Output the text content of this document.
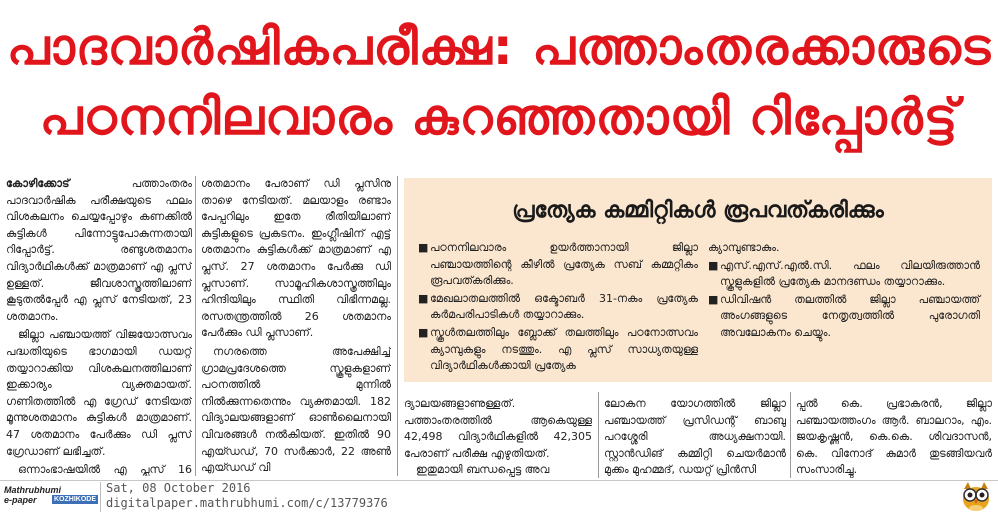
പാദവാർഷികപരീക്ഷ: പത്താംതരക്കാരുടെ
പഠനനിലവാരം കുറഞ്ഞതായി റിപ്പോർട്ട്

കോഴിക്കോട്	പത്താംതരം പാദവാർഷിക പരീക്ഷയുടെ ഫലം വിശകലനം ചെയ്യപ്പോഴും കണക്കിൽ കുട്ടികൾ പിന്നോട്ടുപോകുന്നതായി റിപ്പോർട്ട്. രണ്ടുശതമാനം വിദ്യാർഥികൾക്ക് മാത്രമാണ് എ പ്ലസ് ഉള്ളത്. ജീവശാസ്ത്രത്തിലാണ് കൂടുതൽപ്പേർ എ പ്ലസ് നേടിയത്, 23 ശതമാനം.

ജില്ലാ പഞ്ചായത്ത് വിജയോത്സവം പദ്ധതിയുടെ ഭാഗമായി ഡയറ്റ് തയ്യാറാക്കിയ വിശകലനത്തിലാണ് ഇക്കാര്യം വ്യക്തമായത്. ഗണിതത്തിൽ എ ഗ്രേഡ് നേടിയത് മൂന്നുശതമാനം കുട്ടികൾ മാത്രമാണ്. 47 ശതമാനം പേർക്കും ഡി പ്ലസ് ഗ്രേഡാണ് ലഭിച്ചത്.

ഒന്നാംഭാഷയിൽ എ പ്ലസ് 16

ശതമാനം പേരാണ് ഡി പ്ലസിനു താഴെ നേടിയത്. മലയാളം രണ്ടാം പേപ്പറിലും ഇതേ രീതിയിലാണ് കുട്ടികളുടെ പ്രകടനം. ഇംഗ്ലീഷിന് എട്ട് ശതമാനം കുട്ടികൾക്ക് മാത്രമാണ് എ പ്ലസ്. 27 ശതമാനം പേർക്കു ഡി പ്ലസാണ്. സാമൂഹികശാസ്ത്രത്തിലും ഹിന്ദിയിലും സ്ഥിതി വിഭിന്നമല്ല. രസതന്ത്രത്തിൽ 26 ശതമാനം പേർക്കും ഡി പ്ലസാണ്.

നഗരത്തെ അപേക്ഷിച്ച് ഗ്രാമപ്രദേശത്തെ സ്കൂളുകളാണ് പഠനത്തിൽ മുന്നിൽ നിൽക്കുന്നതെന്നും വ്യക്തമായി. 182 വിദ്യാലയങ്ങളാണ് ഓൺലൈനായി വിവരങ്ങൾ നൽകിയത്. ഇതിൽ 90 എയ്ഡഡ്, 70 സർക്കാർ, 22 അൺ എയ്ഡഡ് വി

പ്രത്യേക കമ്മിറ്റികൾ രൂപവത്കരിക്കും
■ പഠനനിലവാരം ഉയർത്താനായി ജില്ലാ പഞ്ചായത്തിന്റെ കീഴിൽ പ്രത്യേക സബ് കമ്മറ്റികം രൂപവത്കരിക്കും.
■ മേഖലാതലത്തിൽ ഒക്ടോബർ 31-നകം പ്രത്യേക കർമപരിപാടികൾ തയ്യാറാക്കും.
■ സ്കൂൾതലത്തിലും ബ്ലോക്ക് തലത്തിലും പഠനോത്സവം ക്യാമ്പുകളും നടത്തും. എ പ്ലസ് സാധ്യതയുള്ള വിദ്യാർഥികൾക്കായി പ്രത്യേക
ക്യാമ്പുണ്ടാകും.
■ എസ്.എസ്.എൽ.സി. ഫലം വിലയിരുത്താൻ സ്കൂളുകളിൽ പ്രത്യേക മാനദണ്ഡം തയ്യാറാക്കും.
■ ഡിവിഷൻ തലത്തിൽ ജില്ലാ പഞ്ചായത്ത് അംഗങ്ങളുടെ നേതൃത്വത്തിൽ പുരോഗതി അവലോകനം ചെയ്യും.

ദ്യാലയങ്ങളാണുള്ളത്. പത്താംതരത്തിൽ ആകെയുള്ള 42,498 വിദ്യാർഥികളിൽ 42,305 പേരാണ് പരീക്ഷ എഴുതിയത്.

ഇതുമായി ബന്ധപ്പെട്ട അവ

ലോകന യോഗത്തിൽ ജില്ലാ പഞ്ചായത്ത് പ്രസിഡന്റ് ബാബു പറശ്ശേരി അധ്യക്ഷനായി. സ്റ്റാൻഡിങ് കമ്മിറ്റി ചെയർമാൻ മുക്കം മുഹമ്മദ്, ഡയറ്റ് പ്രിൻസി

പ്പൽ കെ. പ്രഭാകരൻ, ജില്ലാ പഞ്ചായത്തംഗം ആർ. ബാലറാം, എം. ജയകൃഷ്ണൻ, കെ.കെ. ശിവദാസൻ, കെ. വിനോദ് കുമാർ തുടങ്ങിയവർ സംസാരിച്ചു.

Mathrubhumi
e-paper KOZHIKODE
Sat, 08 October 2016
digitalpaper.mathrubhumi.com/c/13779376
